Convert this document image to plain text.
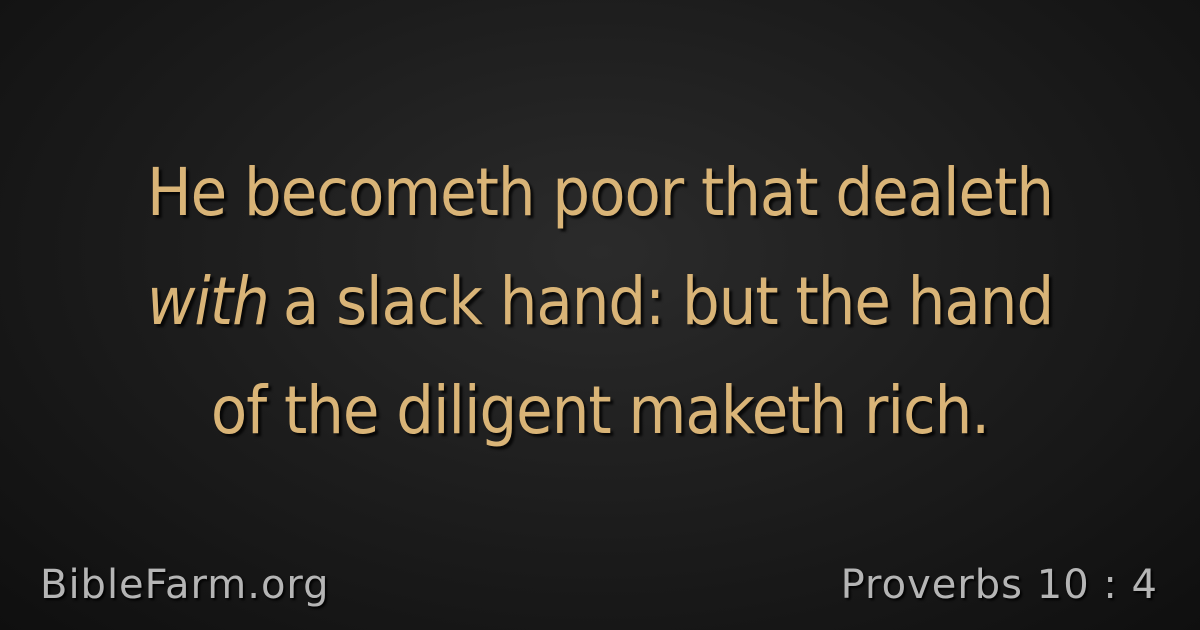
He becometh poor that dealeth
with a slack hand: but the hand
of the diligent maketh rich.
BibleFarm.org	Proverbs 10 : 4
